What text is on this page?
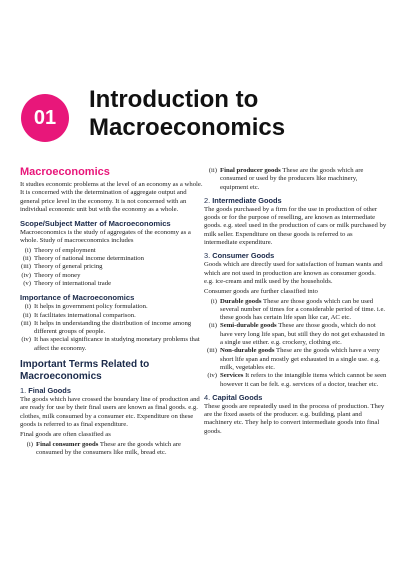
01
Introduction to Macroeconomics
Macroeconomics

It studies economic problems at the level of an economy as a whole. It is concerned with the determination of aggregate output and general price level in the economy. It is not concerned with an individual economic unit but with the economy as a whole.

Scope/Subject Matter of Macroeconomics

Macroeconomics is the study of aggregates of the economy as a whole. Study of macroeconomics includes

(i) Theory of employment
(ii) Theory of national income determination
(iii) Theory of general pricing
(iv) Theory of money
(v) Theory of international trade
Importance of Macroeconomics
(i) It helps in government policy formulation.
(ii) It facilitates international comparison.
(iii) It helps in understanding the distribution of income among different groups of people.
(iv) It has special significance in studying monetary problems that affect the economy.
Important Terms Related to Macroeconomics
1. Final Goods

The goods which have crossed the boundary line of production and are ready for use by their final users are known as final goods. e.g. clothes, milk consumed by a consumer etc. Expenditure on these goods is referred to as final expenditure.

Final goods are often classified as

(i) Final consumer goods These are the goods which are consumed by the consumers like milk, bread etc.
(ii) Final producer goods These are the goods which are consumed or used by the producers like machinery, equipment etc.
2. Intermediate Goods

The goods purchased by a firm for the use in production of other goods or for the purpose of reselling, are known as intermediate goods. e.g. steel used in the production of cars or milk purchased by milk seller. Expenditure on these goods is referred to as intermediate expenditure.

3. Consumer Goods

Goods which are directly used for satisfaction of human wants and which are not used in production are known as consumer goods. e.g. ice-cream and milk used by the households.

Consumer goods are further classified into

(i) Durable goods These are those goods which can be used several number of times for a considerable period of time. i.e. these goods has certain life span like car, AC etc.
(ii) Semi-durable goods These are those goods, which do not have very long life span, but still they do not get exhausted in a single use either. e.g. crockery, clothing etc.
(iii) Non-durable goods These are the goods which have a very short life span and mostly get exhausted in a single use. e.g. milk, vegetables etc.
(iv) Services It refers to the intangible items which cannot be seen however it can be felt. e.g. services of a doctor, teacher etc.
4. Capital Goods

These goods are repeatedly used in the process of production. They are the fixed assets of the producer. e.g. building, plant and machinery etc. They help to convert intermediate goods into final goods.
